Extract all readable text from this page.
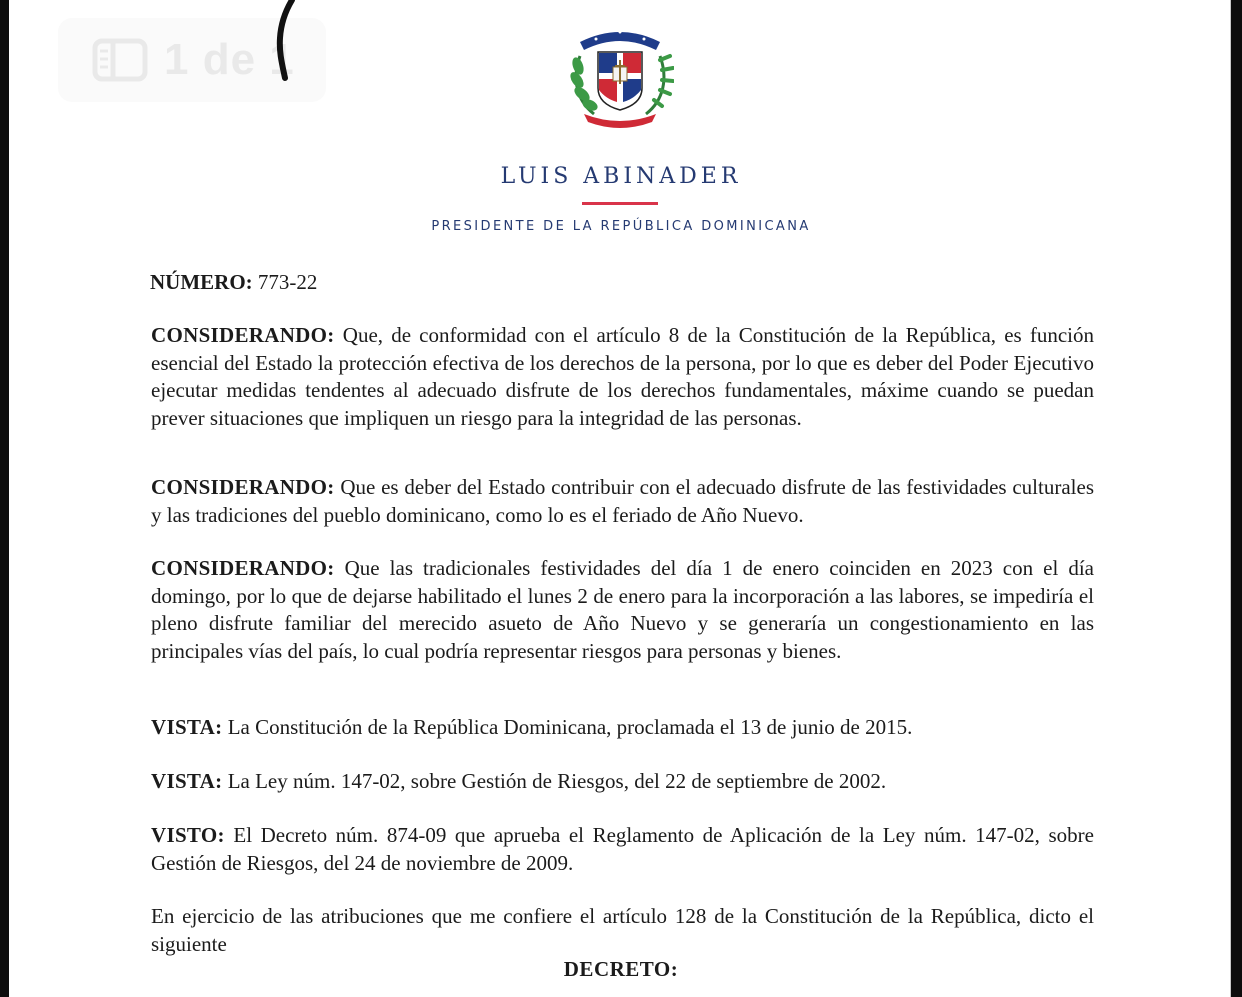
1 de 1
LUIS ABINADER
PRESIDENTE DE LA REPÚBLICA DOMINICANA
NÚMERO: 773-22
CONSIDERANDO: Que, de conformidad con el artículo 8 de la Constitución de la República, es función esencial del Estado la protección efectiva de los derechos de la persona, por lo que es deber del Poder Ejecutivo ejecutar medidas tendentes al adecuado disfrute de los derechos fundamentales, máxime cuando se puedan prever situaciones que impliquen un riesgo para la integridad de las personas.
CONSIDERANDO: Que es deber del Estado contribuir con el adecuado disfrute de las festividades culturales y las tradiciones del pueblo dominicano, como lo es el feriado de Año Nuevo.
CONSIDERANDO: Que las tradicionales festividades del día 1 de enero coinciden en 2023 con el día domingo, por lo que de dejarse habilitado el lunes 2 de enero para la incorporación a las labores, se impediría el pleno disfrute familiar del merecido asueto de Año Nuevo y se generaría un congestionamiento en las principales vías del país, lo cual podría representar riesgos para personas y bienes.
VISTA: La Constitución de la República Dominicana, proclamada el 13 de junio de 2015.
VISTA: La Ley núm. 147-02, sobre Gestión de Riesgos, del 22 de septiembre de 2002.
VISTO: El Decreto núm. 874-09 que aprueba el Reglamento de Aplicación de la Ley núm. 147-02, sobre Gestión de Riesgos, del 24 de noviembre de 2009.
En ejercicio de las atribuciones que me confiere el artículo 128 de la Constitución de la República, dicto el siguiente
DECRETO:
